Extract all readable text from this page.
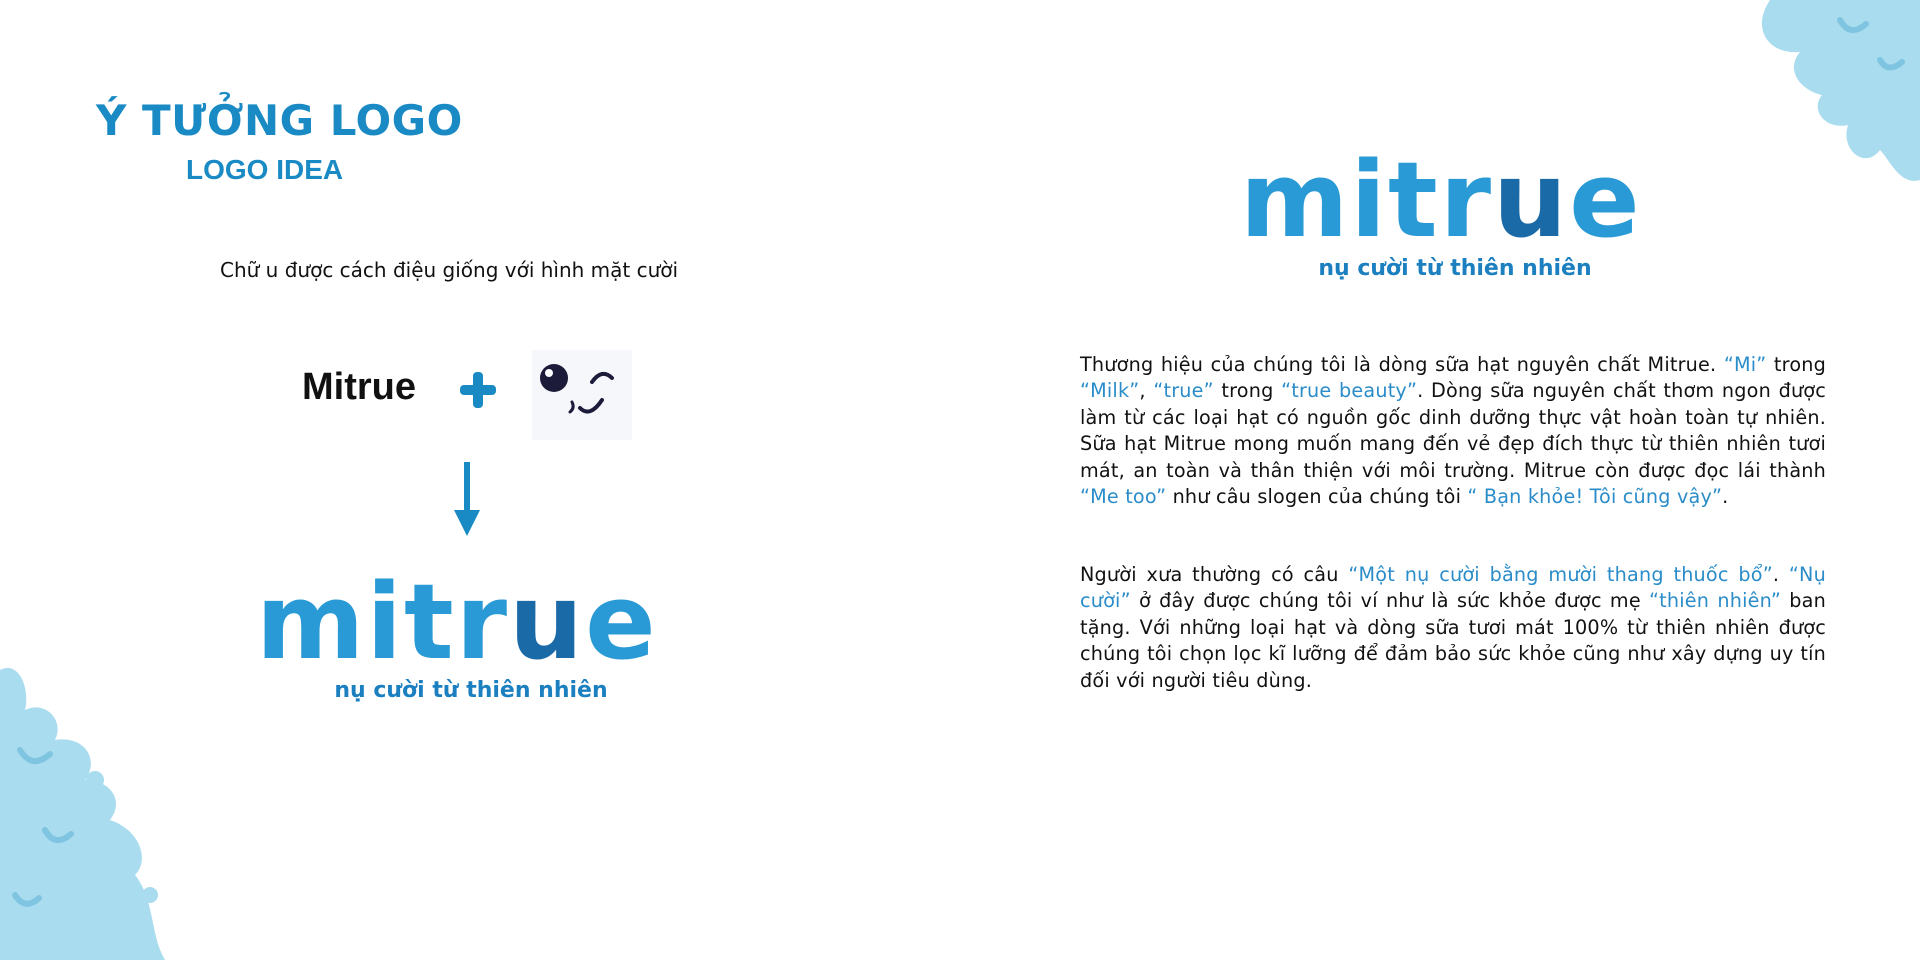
Ý TƯỞNG LOGO
LOGO IDEA
Chữ u được cách điệu giống với hình mặt cười
Mitrue
mitr u e
nụ cười từ thiên nhiên
mitr u e
nụ cười từ thiên nhiên
Thương hiệu của chúng tôi là dòng sữa hạt nguyên chất Mitrue. “Mi” trong “Milk”, “true” trong “true beauty”. Dòng sữa nguyên chất thơm ngon được làm từ các loại hạt có nguồn gốc dinh dưỡng thực vật hoàn toàn tự nhiên. Sữa hạt Mitrue mong muốn mang đến vẻ đẹp đích thực từ thiên nhiên tươi mát, an toàn và thân thiện với môi trường. Mitrue còn được đọc lái thành “Me too” như câu slogen của chúng tôi “ Bạn khỏe! Tôi cũng vậy”.
Người xưa thường có câu “Một nụ cười bằng mười thang thuốc bổ”. “Nụ cười” ở đây được chúng tôi ví như là sức khỏe được mẹ “thiên nhiên” ban tặng. Với những loại hạt và dòng sữa tươi mát 100% từ thiên nhiên được chúng tôi chọn lọc kĩ lưỡng để đảm bảo sức khỏe cũng như xây dựng uy tín đối với người tiêu dùng.
